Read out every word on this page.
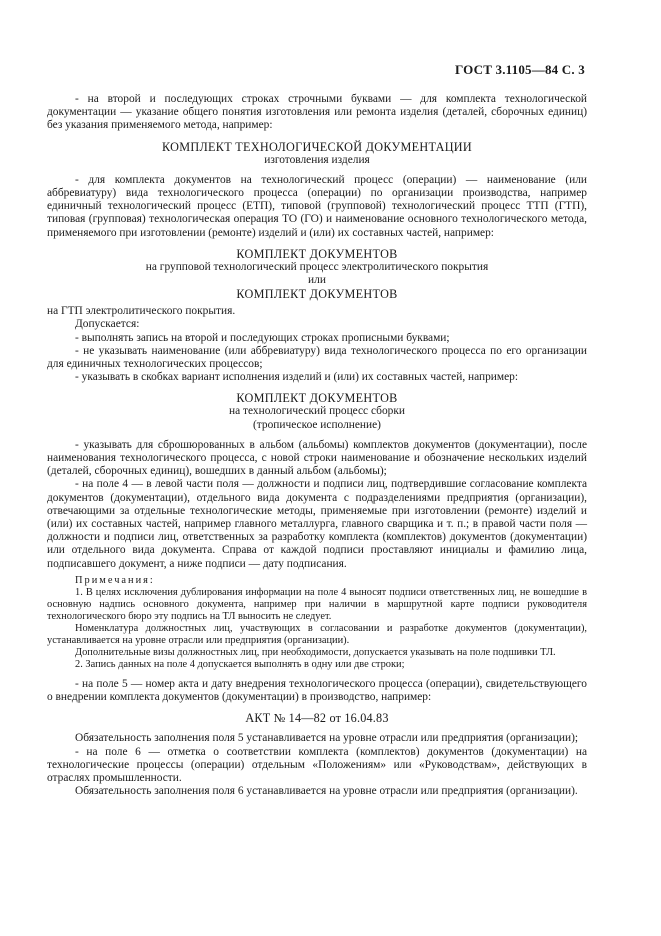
ГОСТ 3.1105—84 С. 3

- на второй и последующих строках строчными буквами — для комплекта технологической документации — указание общего понятия изготовления или ремонта изделия (деталей, сборочных единиц) без указания применяемого метода, например:

КОМПЛЕКТ ТЕХНОЛОГИЧЕСКОЙ ДОКУМЕНТАЦИИ

изготовления изделия

- для комплекта документов на технологический процесс (операции) — наименование (или аббревиатуру) вида технологического процесса (операции) по организации производства, например единичный технологический процесс (ЕТП), типовой (групповой) технологический процесс ТТП (ГТП), типовая (групповая) технологическая операция ТО (ГО) и наименование основного технологического метода, применяемого при изготовлении (ремонте) изделий и (или) их составных частей, например:

КОМПЛЕКТ ДОКУМЕНТОВ

на групповой технологический процесс электролитического покрытия

или

КОМПЛЕКТ ДОКУМЕНТОВ

на ГТП электролитического покрытия.

Допускается:

- выполнять запись на второй и последующих строках прописными буквами;

- не указывать наименование (или аббревиатуру) вида технологического процесса по его организации для единичных технологических процессов;

- указывать в скобках вариант исполнения изделий и (или) их составных частей, например:

КОМПЛЕКТ ДОКУМЕНТОВ

на технологический процесс сборки

(тропическое исполнение)

- указывать для сброшюрованных в альбом (альбомы) комплектов документов (документации), после наименования технологического процесса, с новой строки наименование и обозначение нескольких изделий (деталей, сборочных единиц), вошедших в данный альбом (альбомы);

- на поле 4 — в левой части поля — должности и подписи лиц, подтвердившие согласование комплекта документов (документации), отдельного вида документа с подразделениями предприятия (организации), отвечающими за отдельные технологические методы, применяемые при изготовлении (ремонте) изделий и (или) их составных частей, например главного металлурга, главного сварщика и т. п.; в правой части поля — должности и подписи лиц, ответственных за разработку комплекта (комплектов) документов (документации) или отдельного вида документа. Справа от каждой подписи проставляют инициалы и фамилию лица, подписавшего документ, а ниже подписи — дату подписания.

Примечания:

1. В целях исключения дублирования информации на поле 4 выносят подписи ответственных лиц, не вошедшие в основную надпись основного документа, например при наличии в маршрутной карте подписи руководителя технологического бюро эту подпись на ТЛ выносить не следует.

Номенклатура должностных лиц, участвующих в согласовании и разработке документов (документации), устанавливается на уровне отрасли или предприятия (организации).

Дополнительные визы должностных лиц, при необходимости, допускается указывать на поле подшивки ТЛ.

2. Запись данных на поле 4 допускается выполнять в одну или две строки;

- на поле 5 — номер акта и дату внедрения технологического процесса (операции), свидетельствующего о внедрении комплекта документов (документации) в производство, например:

АКТ № 14—82 от 16.04.83

Обязательность заполнения поля 5 устанавливается на уровне отрасли или предприятия (организации);

- на поле 6 — отметка о соответствии комплекта (комплектов) документов (документации) на технологические процессы (операции) отдельным «Положениям» или «Руководствам», действующих в отраслях промышленности.

Обязательность заполнения поля 6 устанавливается на уровне отрасли или предприятия (организации).
